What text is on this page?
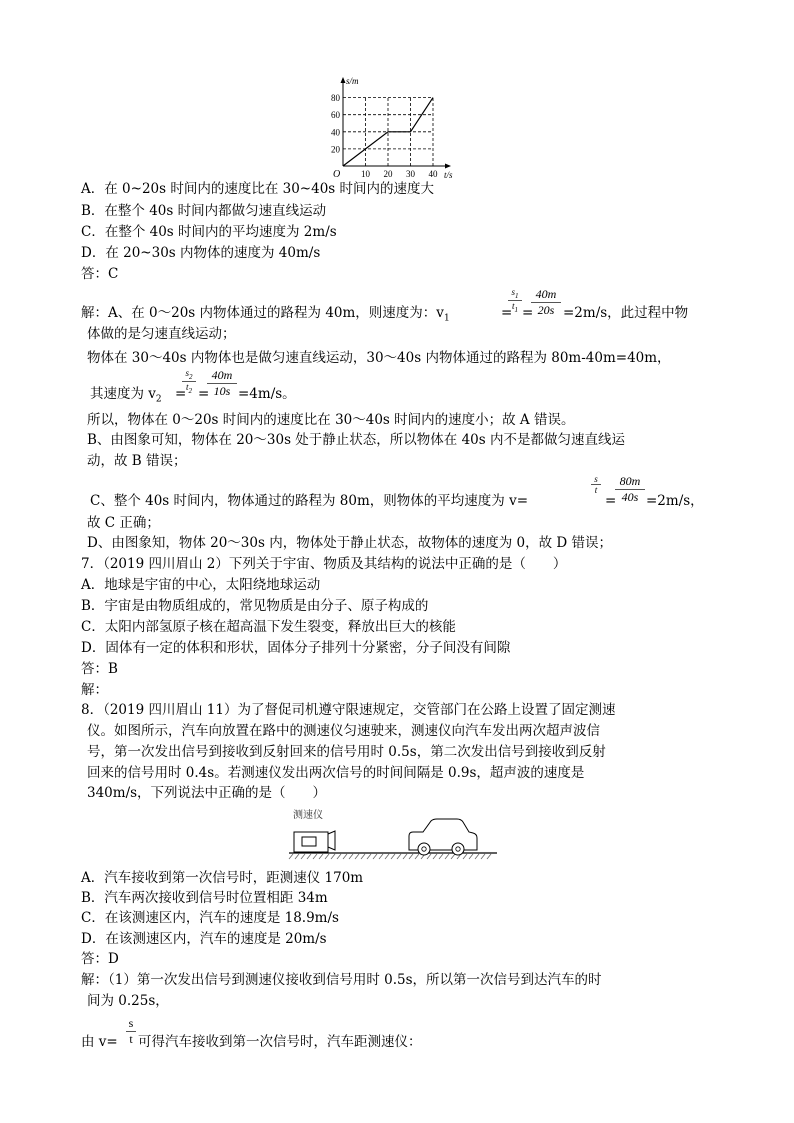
20
40
60
80
10 20 30 40
s/m
t/s
O
A．在 0~20s 时间内的速度比在 30~40s 时间内的速度大
B．在整个 40s 时间内都做匀速直线运动
C．在整个 40s 时间内的平均速度为 2m/s
D．在 20~30s 内物体的速度为 40m/s
答：C
解：A、在 0～20s 内物体通过的路程为 40m，则速度为：$v_1$	=	=2m/s，此过程中物
$s_1$
$t_1$
40m
20s
=
体做的是匀速直线运动；
物体在 30～40s 内物体也是做匀速直线运动，30～40s 内物体通过的路程为 80m-40m=40m，
其速度为 $v_2$ =
$s_2$
$t_2$ =
40m
10s =4m/s。
所以，物体在 0～20s 时间内的速度比在 30～40s 时间内的速度小；故 A 错误。
B、由图象可知，物体在 20～30s 处于静止状态，所以物体在 40s 内不是都做匀速直线运
动，故 B 错误；
C、整个 40s 时间内，物体通过的路程为 80m，则物体的平均速度为 v=
s
t
=
80m
40s =2m/s，
故 C 正确；
D、由图象知，物体 20～30s 内，物体处于静止状态，故物体的速度为 0，故 D 错误；
7．（2019 四川眉山 2）下列关于宇宙、物质及其结构的说法中正确的是（　　）
A．地球是宇宙的中心，太阳绕地球运动
B．宇宙是由物质组成的，常见物质是由分子、原子构成的
C．太阳内部氢原子核在超高温下发生裂变，释放出巨大的核能
D．固体有一定的体积和形状，固体分子排列十分紧密，分子间没有间隙
答：B
解：
8．（2019 四川眉山 11）为了督促司机遵守限速规定，交管部门在公路上设置了固定测速
仪。如图所示，汽车向放置在路中的测速仪匀速驶来，测速仪向汽车发出两次超声波信
号，第一次发出信号到接收到反射回来的信号用时 0.5s，第二次发出信号到接收到反射
回来的信号用时 0.4s。若测速仪发出两次信号的时间间隔是 0.9s，超声波的速度是
340m/s，下列说法中正确的是（　　）
测速仪
A．汽车接收到第一次信号时，距测速仪 170m
B．汽车两次接收到信号时位置相距 34m
C．在该测速区内，汽车的速度是 18.9m/s
D．在该测速区内，汽车的速度是 20m/s
答：D
解：（1）第一次发出信号到测速仪接收到信号用时 0.5s，所以第一次信号到达汽车的时
间为 0.25s，
s
t
由 v= 可得汽车接收到第一次信号时，汽车距测速仪：
